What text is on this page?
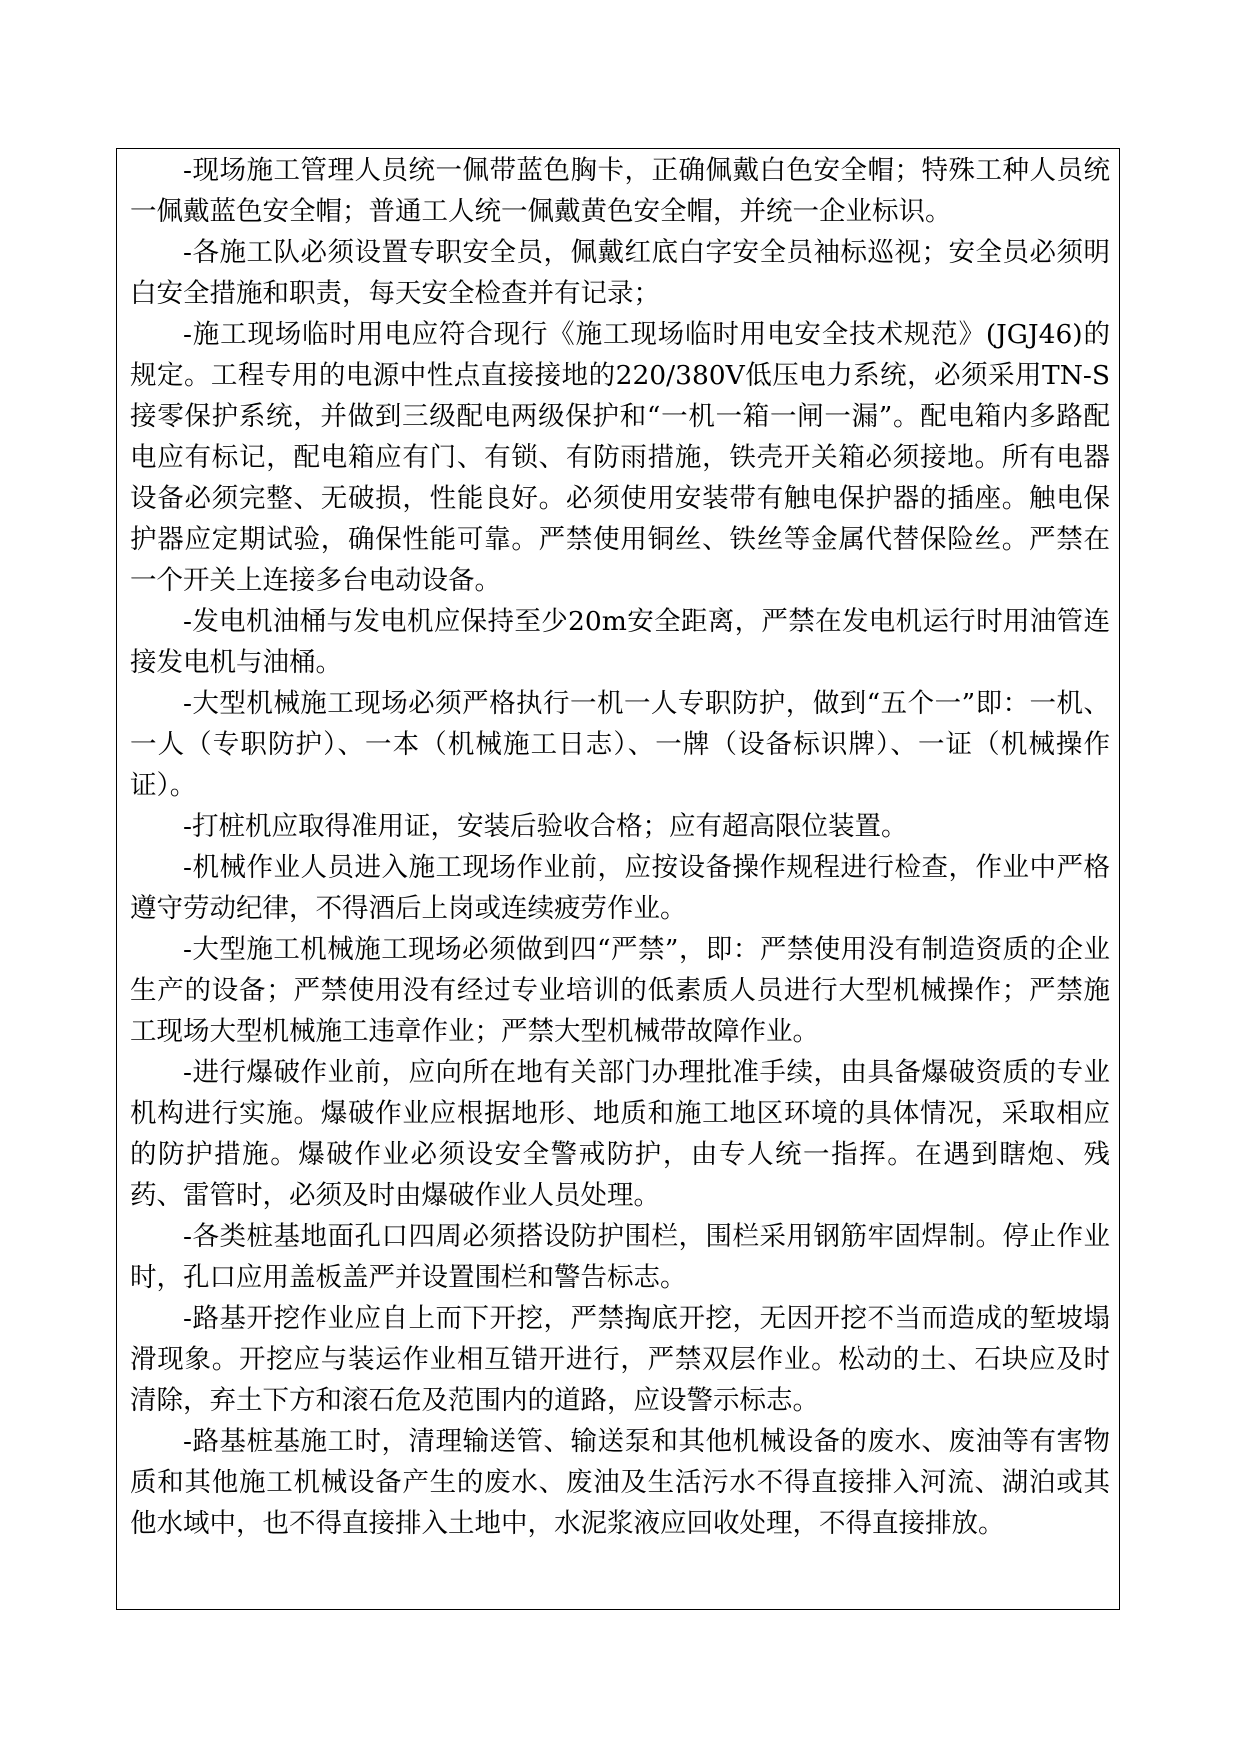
-现场施工管理人员统一佩带蓝色胸卡，正确佩戴白色安全帽；特殊工种人员统一佩戴蓝色安全帽；普通工人统一佩戴黄色安全帽，并统一企业标识。

-各施工队必须设置专职安全员，佩戴红底白字安全员袖标巡视；安全员必须明白安全措施和职责，每天安全检查并有记录；

-施工现场临时用电应符合现行《施工现场临时用电安全技术规范》(JGJ46)的规定。工程专用的电源中性点直接接地的220/380V低压电力系统，必须采用TN-S接零保护系统，并做到三级配电两级保护和“一机一箱一闸一漏”。配电箱内多路配电应有标记，配电箱应有门、有锁、有防雨措施，铁壳开关箱必须接地。所有电器设备必须完整、无破损，性能良好。必须使用安装带有触电保护器的插座。触电保护器应定期试验，确保性能可靠。严禁使用铜丝、铁丝等金属代替保险丝。严禁在一个开关上连接多台电动设备。

-发电机油桶与发电机应保持至少20m安全距离，严禁在发电机运行时用油管连接发电机与油桶。

-大型机械施工现场必须严格执行一机一人专职防护，做到“五个一”即：一机、一人（专职防护）、一本（机械施工日志）、一牌（设备标识牌）、一证（机械操作证）。

-打桩机应取得准用证，安装后验收合格；应有超高限位装置。

-机械作业人员进入施工现场作业前，应按设备操作规程进行检查，作业中严格遵守劳动纪律，不得酒后上岗或连续疲劳作业。

-大型施工机械施工现场必须做到四“严禁”，即：严禁使用没有制造资质的企业生产的设备；严禁使用没有经过专业培训的低素质人员进行大型机械操作；严禁施工现场大型机械施工违章作业；严禁大型机械带故障作业。

-进行爆破作业前，应向所在地有关部门办理批准手续，由具备爆破资质的专业机构进行实施。爆破作业应根据地形、地质和施工地区环境的具体情况，采取相应的防护措施。爆破作业必须设安全警戒防护，由专人统一指挥。在遇到瞎炮、残药、雷管时，必须及时由爆破作业人员处理。

-各类桩基地面孔口四周必须搭设防护围栏，围栏采用钢筋牢固焊制。停止作业时，孔口应用盖板盖严并设置围栏和警告标志。

-路基开挖作业应自上而下开挖，严禁掏底开挖，无因开挖不当而造成的堑坡塌滑现象。开挖应与装运作业相互错开进行，严禁双层作业。松动的土、石块应及时清除，弃土下方和滚石危及范围内的道路，应设警示标志。

-路基桩基施工时，清理输送管、输送泵和其他机械设备的废水、废油等有害物质和其他施工机械设备产生的废水、废油及生活污水不得直接排入河流、湖泊或其他水域中，也不得直接排入土地中，水泥浆液应回收处理，不得直接排放。
